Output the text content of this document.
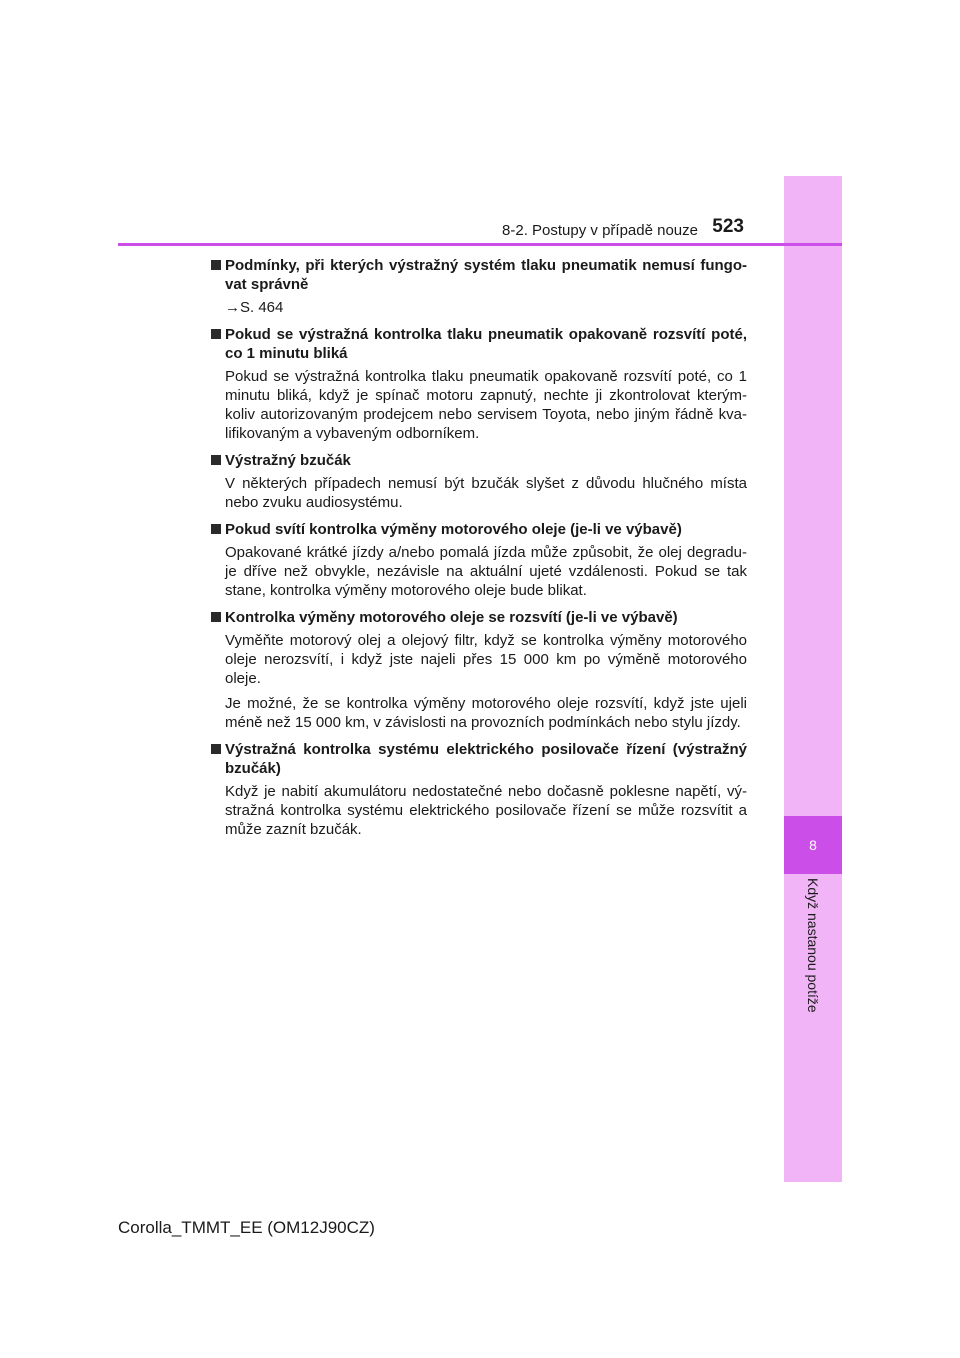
8
Když nastanou potíže
8-2. Postupy v případě nouze 523
Podmínky, při kterých výstražný systém tlaku pneumatik nemusí fungo-vat správně
→S. 464
Pokud se výstražná kontrolka tlaku pneumatik opakovaně rozsvítí poté, co 1 minutu bliká
Pokud se výstražná kontrolka tlaku pneumatik opakovaně rozsvítí poté, co 1 minutu bliká, když je spínač motoru zapnutý, nechte ji zkontrolovat kterým-koliv autorizovaným prodejcem nebo servisem Toyota, nebo jiným řádně kva-lifikovaným a vybaveným odborníkem.
Výstražný bzučák
V některých případech nemusí být bzučák slyšet z důvodu hlučného místa nebo zvuku audiosystému.
Pokud svítí kontrolka výměny motorového oleje (je-li ve výbavě)
Opakované krátké jízdy a/nebo pomalá jízda může způsobit, že olej degradu-je dříve než obvykle, nezávisle na aktuální ujeté vzdálenosti. Pokud se tak stane, kontrolka výměny motorového oleje bude blikat.
Kontrolka výměny motorového oleje se rozsvítí (je-li ve výbavě)
Vyměňte motorový olej a olejový filtr, když se kontrolka výměny motorového oleje nerozsvítí, i když jste najeli přes 15 000 km po výměně motorového oleje.
Je možné, že se kontrolka výměny motorového oleje rozsvítí, když jste ujeli méně než 15 000 km, v závislosti na provozních podmínkách nebo stylu jízdy.
Výstražná kontrolka systému elektrického posilovače řízení (výstražný bzučák)
Když je nabití akumulátoru nedostatečné nebo dočasně poklesne napětí, vý-stražná kontrolka systému elektrického posilovače řízení se může rozsvítit a může zaznít bzučák.
Corolla_TMMT_EE (OM12J90CZ)
